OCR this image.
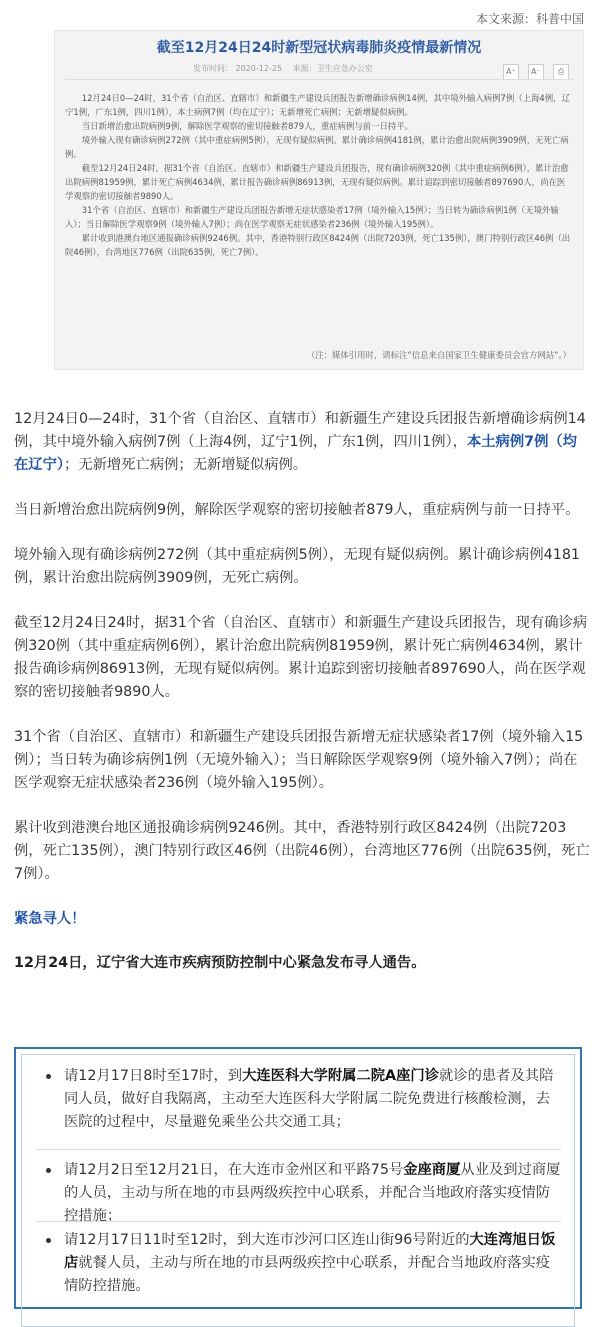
本文来源：科普中国
截至12月24日24时新型冠状病毒肺炎疫情最新情况
发布时间： 2020-12-25 来源：卫生应急办公室	A⁺ A⁻ ⎙

12月24日0—24时，31个省（自治区、直辖市）和新疆生产建设兵团报告新增确诊病例14例，其中境外输入病例7例（上海4例，辽宁1例，广东1例，四川1例），本土病例7例（均在辽宁）；无新增死亡病例；无新增疑似病例。

当日新增治愈出院病例9例，解除医学观察的密切接触者879人，重症病例与前一日持平。

境外输入现有确诊病例272例（其中重症病例5例），无现有疑似病例。累计确诊病例4181例，累计治愈出院病例3909例，无死亡病例。

截至12月24日24时，据31个省（自治区、直辖市）和新疆生产建设兵团报告，现有确诊病例320例（其中重症病例6例），累计治愈出院病例81959例，累计死亡病例4634例，累计报告确诊病例86913例，无现有疑似病例。累计追踪到密切接触者897690人，尚在医学观察的密切接触者9890人。

31个省（自治区、直辖市）和新疆生产建设兵团报告新增无症状感染者17例（境外输入15例）；当日转为确诊病例1例（无境外输入）；当日解除医学观察9例（境外输入7例）；尚在医学观察无症状感染者236例（境外输入195例）。

累计收到港澳台地区通报确诊病例9246例。其中，香港特别行政区8424例（出院7203例，死亡135例），澳门特别行政区46例（出院46例），台湾地区776例（出院635例，死亡7例）。

（注：媒体引用时，请标注“信息来自国家卫生健康委员会官方网站”。）

12月24日0—24时，31个省（自治区、直辖市）和新疆生产建设兵团报告新增确诊病例14例，其中境外输入病例7例（上海4例，辽宁1例，广东1例，四川1例），本土病例7例（均在辽宁）；无新增死亡病例；无新增疑似病例。

当日新增治愈出院病例9例，解除医学观察的密切接触者879人，重症病例与前一日持平。

境外输入现有确诊病例272例（其中重症病例5例），无现有疑似病例。累计确诊病例4181例，累计治愈出院病例3909例，无死亡病例。

截至12月24日24时，据31个省（自治区、直辖市）和新疆生产建设兵团报告，现有确诊病例320例（其中重症病例6例），累计治愈出院病例81959例，累计死亡病例4634例，累计报告确诊病例86913例，无现有疑似病例。累计追踪到密切接触者897690人，尚在医学观察的密切接触者9890人。

31个省（自治区、直辖市）和新疆生产建设兵团报告新增无症状感染者17例（境外输入15例）；当日转为确诊病例1例（无境外输入）；当日解除医学观察9例（境外输入7例）；尚在医学观察无症状感染者236例（境外输入195例）。

累计收到港澳台地区通报确诊病例9246例。其中，香港特别行政区8424例（出院7203例，死亡135例），澳门特别行政区46例（出院46例），台湾地区776例（出院635例，死亡7例）。

紧急寻人！

12月24日，辽宁省大连市疾病预防控制中心紧急发布寻人通告。

请12月17日8时至17时，到大连医科大学附属二院A座门诊就诊的患者及其陪同人员，做好自我隔离，主动至大连医科大学附属二院免费进行核酸检测，去医院的过程中，尽量避免乘坐公共交通工具；
请12月2日至12月21日，在大连市金州区和平路75号金座商厦从业及到过商厦的人员，主动与所在地的市县两级疾控中心联系，并配合当地政府落实疫情防控措施；
请12月17日11时至12时，到大连市沙河口区连山街96号附近的大连湾旭日饭店就餐人员，主动与所在地的市县两级疾控中心联系，并配合当地政府落实疫情防控措施。
